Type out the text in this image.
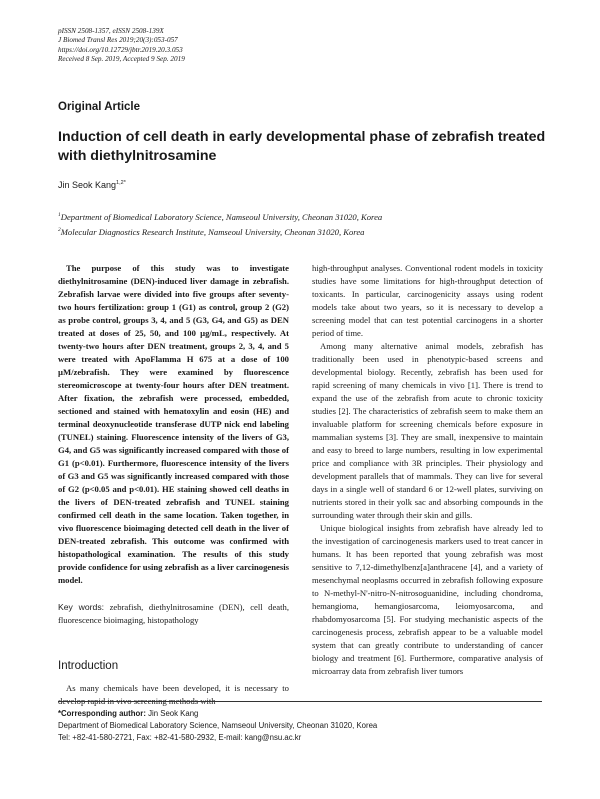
pISSN 2508-1357, eISSN 2508-139X
J Biomed Transl Res 2019;20(3):053-057
https://doi.org/10.12729/jbtr.2019.20.3.053
Received 8 Sep. 2019, Accepted 9 Sep. 2019
Original Article
Induction of cell death in early developmental phase of zebrafish treated with diethylnitrosamine
Jin Seok Kang$^{1,2*}$
$^1$Department of Biomedical Laboratory Science, Namseoul University, Cheonan 31020, Korea
$^2$Molecular Diagnostics Research Institute, Namseoul University, Cheonan 31020, Korea

The purpose of this study was to investigate diethylnitrosamine (DEN)-induced liver damage in zebrafish. Zebrafish larvae were divided into five groups after seventy-two hours fertilization: group 1 (G1) as control, group 2 (G2) as probe control, groups 3, 4, and 5 (G3, G4, and G5) as DEN treated at doses of 25, 50, and 100 µg/mL, respectively. At twenty-two hours after DEN treatment, groups 2, 3, 4, and 5 were treated with ApoFlamma H 675 at a dose of 100 µM/zebrafish. They were examined by fluorescence stereomicroscope at twenty-four hours after DEN treatment. After fixation, the zebrafish were processed, embedded, sectioned and stained with hematoxylin and eosin (HE) and terminal deoxynucleotide transferase dUTP nick end labeling (TUNEL) staining. Fluorescence intensity of the livers of G3, G4, and G5 was significantly increased compared with those of G1 (p<0.01). Furthermore, fluorescence intensity of the livers of G3 and G5 was significantly increased compared with those of G2 (p<0.05 and p<0.01). HE staining showed cell deaths in the livers of DEN-treated zebrafish and TUNEL staining confirmed cell death in the same location. Taken together, in vivo fluorescence bioimaging detected cell death in the liver of DEN-treated zebrafish. This outcome was confirmed with histopathological examination. The results of this study provide confidence for using zebrafish as a liver carcinogenesis model.

Key words: zebrafish, diethylnitrosamine (DEN), cell death, fluorescence bioimaging, histopathology
Introduction

As many chemicals have been developed, it is necessary to develop rapid in vivo screening methods with

high-throughput analyses. Conventional rodent models in toxicity studies have some limitations for high-throughput detection of toxicants. In particular, carcinogenicity assays using rodent models take about two years, so it is necessary to develop a screening model that can test potential carcinogens in a shorter period of time.

Among many alternative animal models, zebrafish has traditionally been used in phenotypic-based screens and developmental biology. Recently, zebrafish has been used for rapid screening of many chemicals in vivo [1]. There is trend to expand the use of the zebrafish from acute to chronic toxicity studies [2]. The characteristics of zebrafish seem to make them an invaluable platform for screening chemicals before exposure in mammalian systems [3]. They are small, inexpensive to maintain and easy to breed to large numbers, resulting in low experimental price and compliance with 3R principles. Their physiology and development parallels that of mammals. They can live for several days in a single well of standard 6 or 12-well plates, surviving on nutrients stored in their yolk sac and absorbing compounds in the surrounding water through their skin and gills.

Unique biological insights from zebrafish have already led to the investigation of carcinogenesis markers used to treat cancer in humans. It has been reported that young zebrafish was most sensitive to 7,12-dimethylbenz[a]anthracene [4], and a variety of mesenchymal neoplasms occurred in zebrafish following exposure to N-methyl-N'-nitro-N-nitrosoguanidine, including chondroma, hemangioma, hemangiosarcoma, leiomyosarcoma, and rhabdomyosarcoma [5]. For studying mechanistic aspects of the carcinogenesis process, zebrafish appear to be a valuable model system that can greatly contribute to understanding of cancer biology and treatment [6]. Furthermore, comparative analysis of microarray data from zebrafish liver tumors

*Corresponding author: Jin Seok Kang
Department of Biomedical Laboratory Science, Namseoul University, Cheonan 31020, Korea
Tel: +82-41-580-2721, Fax: +82-41-580-2932, E-mail: kang@nsu.ac.kr
